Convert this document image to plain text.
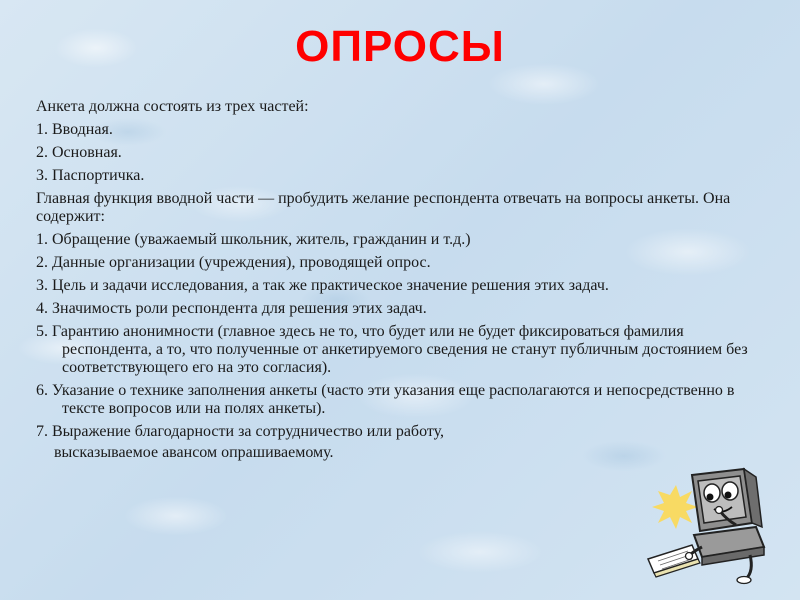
ОПРОСЫ

Анкета должна состоять из трех частей:

1. Вводная.

2. Основная.

3. Паспортичка.

Главная функция вводной части — пробудить желание респондента отвечать на вопросы анкеты. Она содержит:

1. Обращение (уважаемый школьник, житель, гражданин и т.д.)

2. Данные организации (учреждения), проводящей опрос.

3. Цель и задачи исследования, а так же практическое значение решения этих задач.

4. Значимость роли респондента для решения этих задач.

5. Гарантию анонимности (главное здесь не то, что будет или не будет фиксироваться фамилия респондента, а то, что полученные от анкетируемого сведения не станут публичным достоянием без соответствующего его на это согласия).

6. Указание о технике заполнения анкеты (часто эти указания еще располагаются и непосредственно в тексте вопросов или на полях анкеты).

7. Выражение благодарности за сотрудничество или работу,

высказываемое авансом опрашиваемому.
